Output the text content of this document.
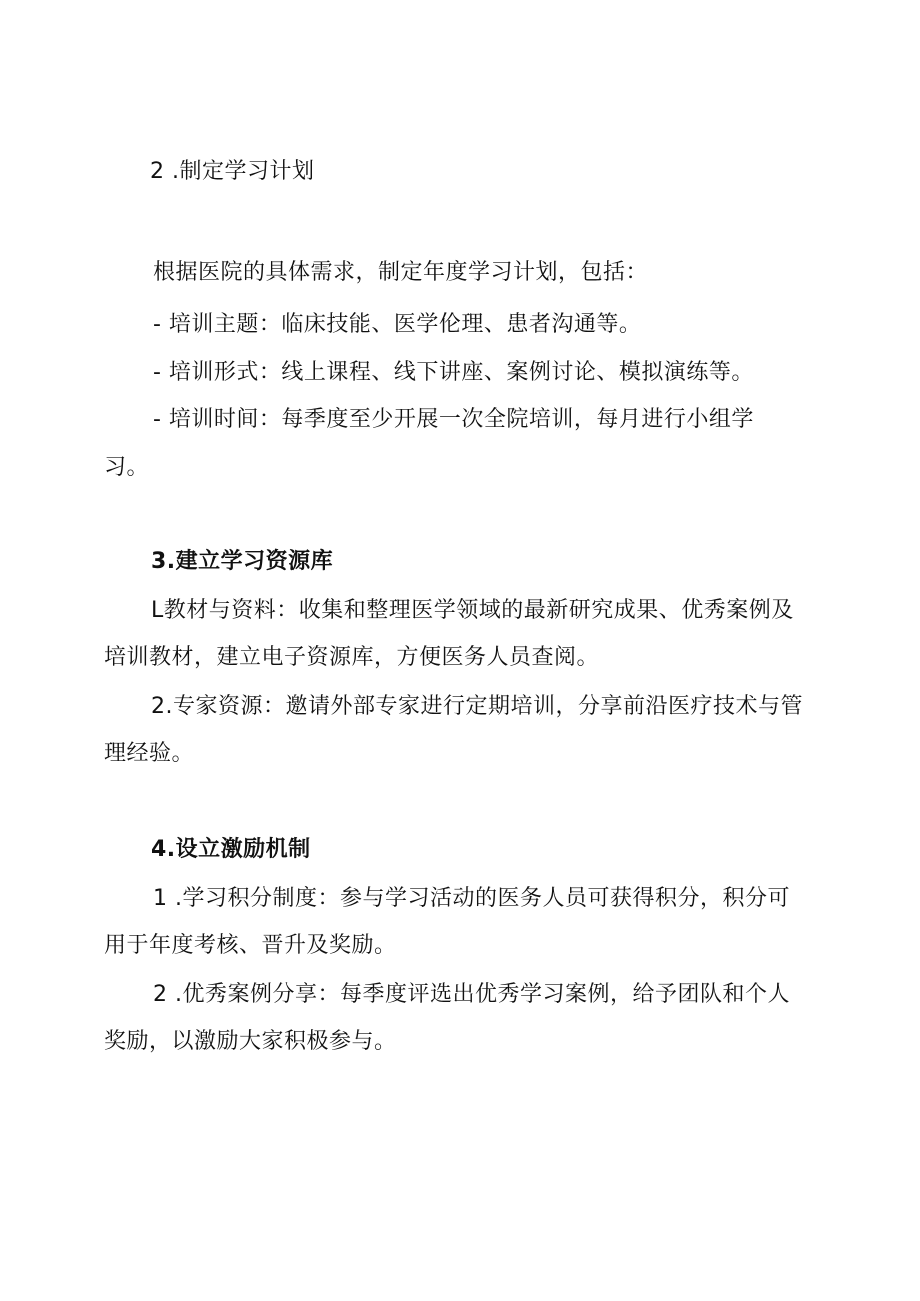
2 .制定学习计划
根据医院的具体需求，制定年度学习计划，包括：
- 培训主题：临床技能、医学伦理、患者沟通等。
- 培训形式：线上课程、线下讲座、案例讨论、模拟演练等。
- 培训时间：每季度至少开展一次全院培训，每月进行小组学
习。
3.建立学习资源库
L教材与资料：收集和整理医学领域的最新研究成果、优秀案例及
培训教材，建立电子资源库，方便医务人员查阅。
2.专家资源：邀请外部专家进行定期培训，分享前沿医疗技术与管
理经验。
4.设立激励机制
1 .学习积分制度：参与学习活动的医务人员可获得积分，积分可
用于年度考核、晋升及奖励。
2 .优秀案例分享：每季度评选出优秀学习案例，给予团队和个人
奖励，以激励大家积极参与。
